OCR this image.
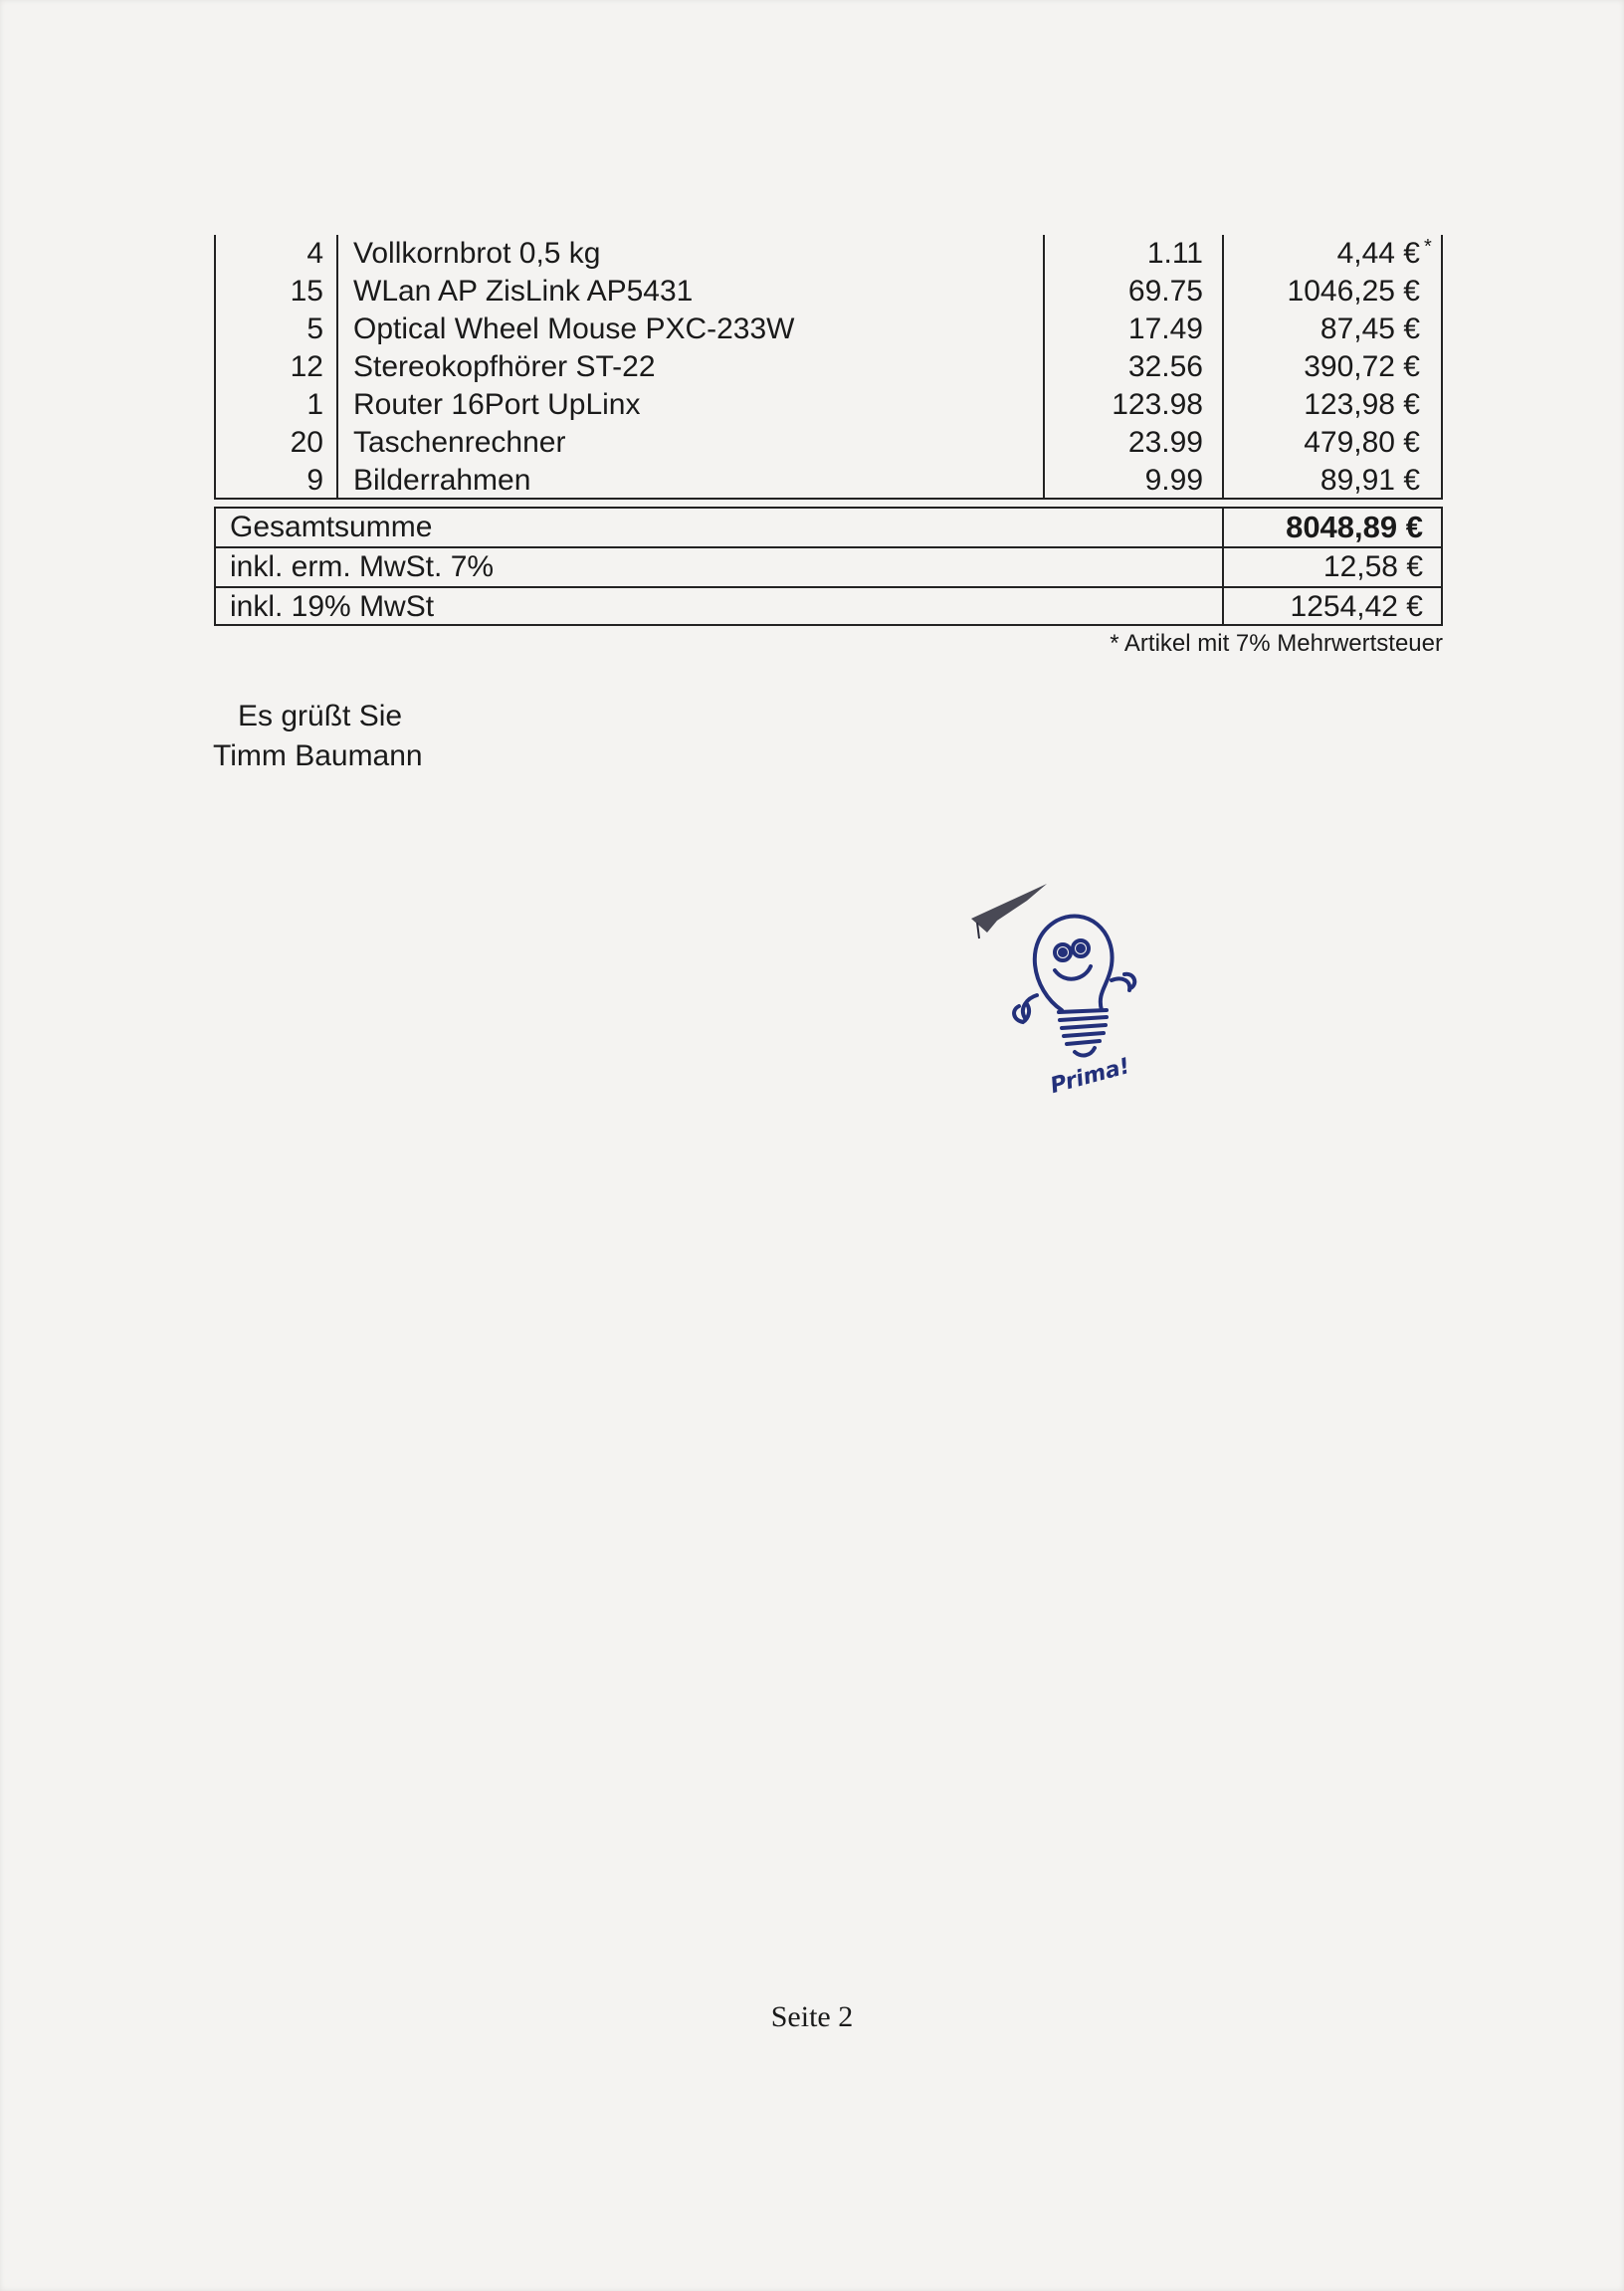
4 Vollkornbrot 0,5 kg	1.11	4,44 € *
15 WLan AP ZisLink AP5431	69.75	1046,25 €
5 Optical Wheel Mouse PXC-233W	17.49	87,45 €
12 Stereokopfhörer ST-22	32.56	390,72 €
1 Router 16Port UpLinx	123.98	123,98 €
20 Taschenrechner	23.99	479,80 €
9 Bilderrahmen	9.99	89,91 €
Gesamtsumme	8048,89 €
inkl. erm. MwSt. 7%	12,58 €
inkl. 19% MwSt	1254,42 €
* Artikel mit 7% Mehrwertsteuer
Es grüßt Sie
Timm Baumann
Prima!
Seite 2
